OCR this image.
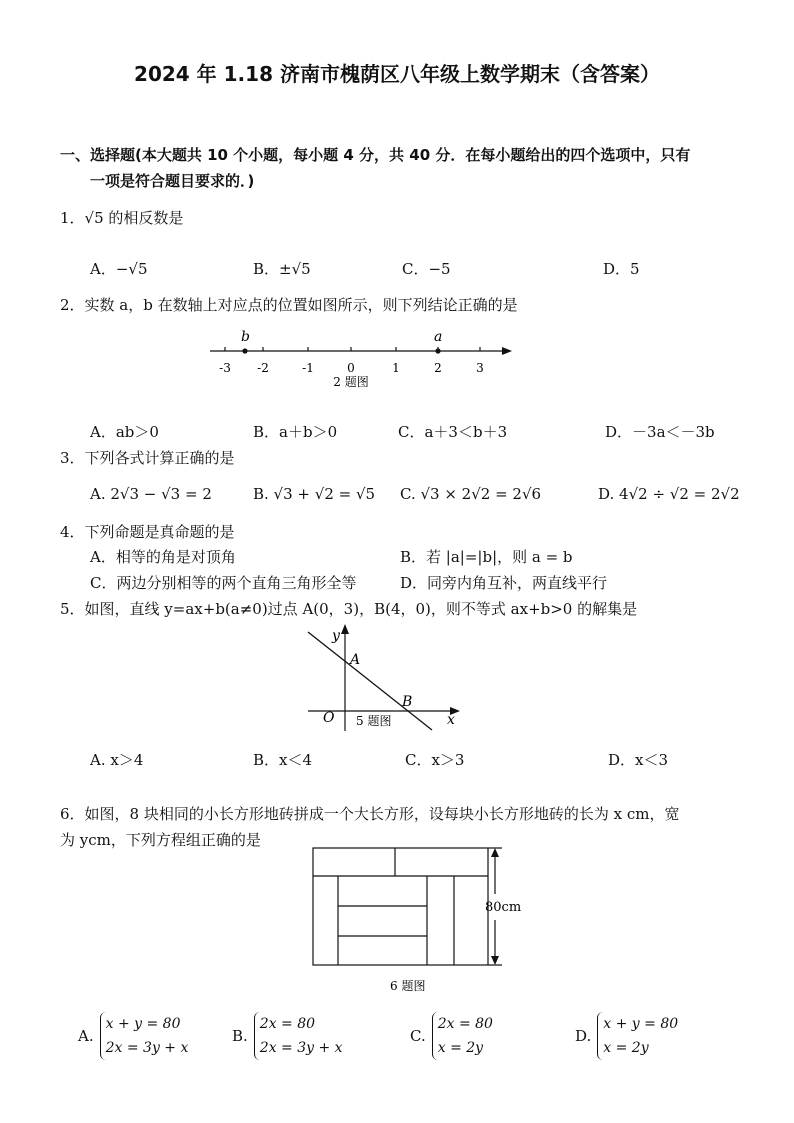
2024 年 1.18 济南市槐荫区八年级上数学期末（含答案）
一、选择题(本大题共 10 个小题，每小题 4 分，共 40 分．在每小题给出的四个选项中，只有
一项是符合题目要求的．)
1．√5 的相反数是
A．−√5	B．±√5	C．−5	D．5
2．实数 a，b 在数轴上对应点的位置如图所示，则下列结论正确的是
b	a
-3 -2	-1	0	1	2	3
2 题图
A．ab＞0	B．a＋b＞0	C．a＋3＜b＋3	D．－3a＜－3b
3．下列各式计算正确的是
A. 2√3 − √3 = 2	B. √3 + √2 = √5 C. √3 × 2√2 = 2√6	D. 4√2 ÷ √2 = 2√2
4．下列命题是真命题的是
A．相等的角是对顶角	B．若 |a|=|b|，则 a = b
C．两边分别相等的两个直角三角形全等	D．同旁内角互补，两直线平行
5．如图，直线 y=ax+b(a≠0)过点 A(0，3)，B(4，0)，则不等式 ax+b>0 的解集是
y
x
O
A
B
5 题图
A. x＞4	B．x＜4	C．x＞3	D．x＜3
6．如图，8 块相同的小长方形地砖拼成一个大长方形，设每块小长方形地砖的长为 x cm，宽
为 ycm，下列方程组正确的是
80cm
6 题图
A.
x + y = 80
2x = 3y + x
B.
2x = 80
2x = 3y + x
C.
2x = 80
x = 2y
D.
x + y = 80
x = 2y
